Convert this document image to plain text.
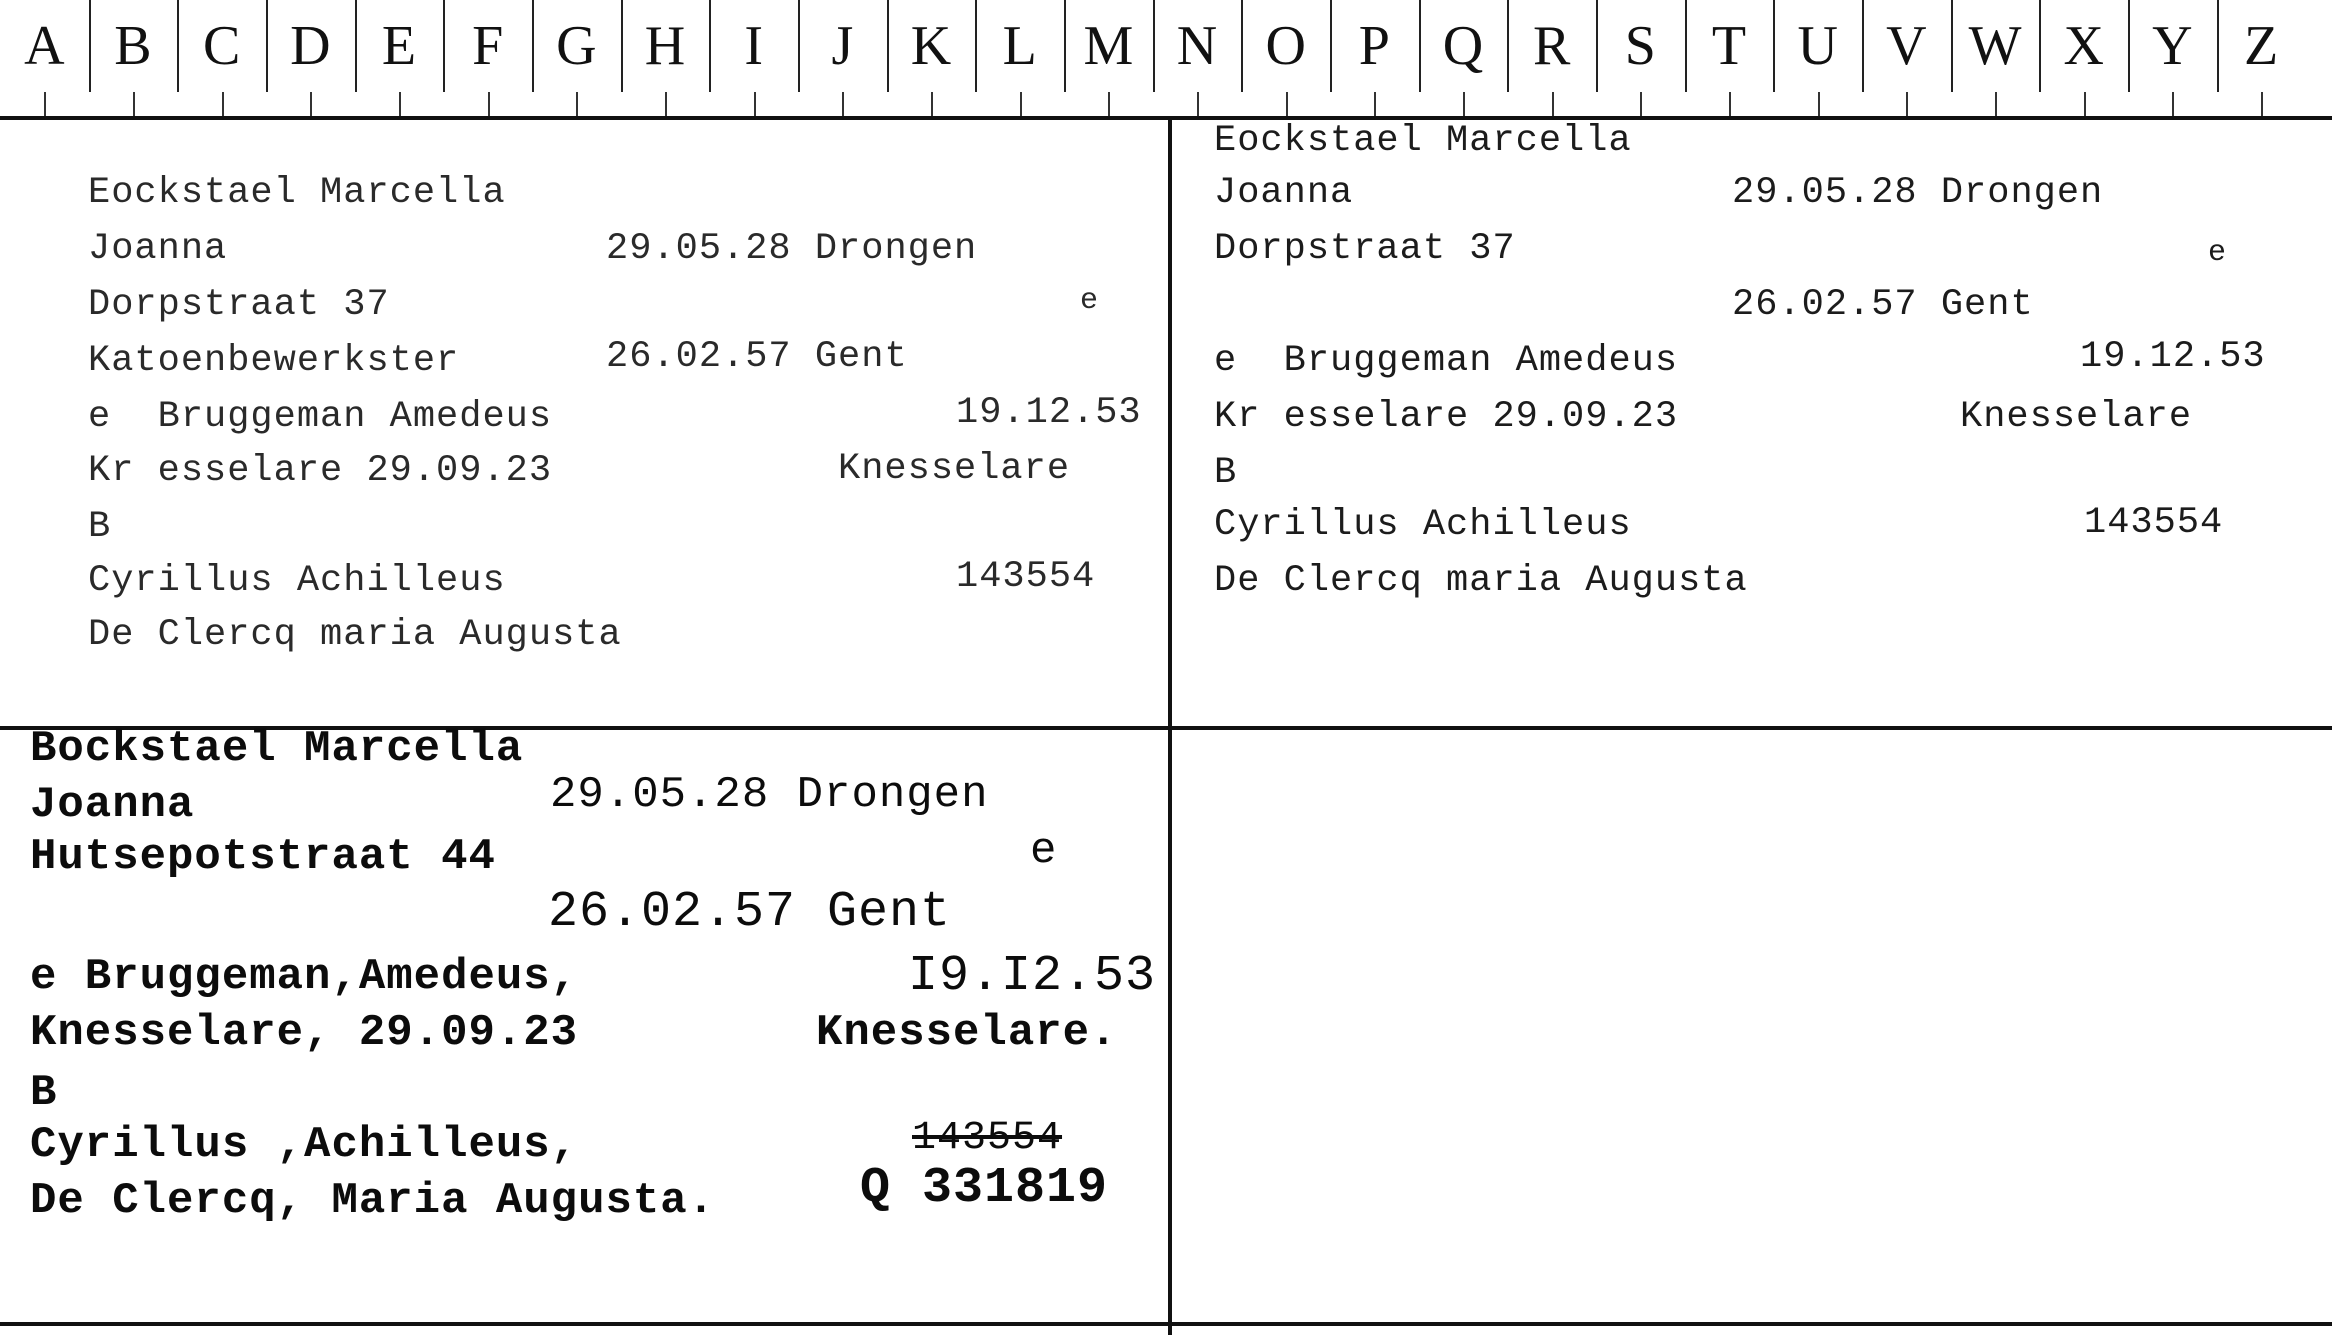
A B C D E F G H	I	J	K L M N O P Q R S T U V W X Y Z
Eockstael Marcella
Joanna	29.05.28 Drongen
Dorpstraat 37	e
Katoenbewerkster	26.02.57 Gent
e  Bruggeman Amedeus	19.12.53
Kr esselare 29.09.23	Knesselare
B
Cyrillus Achilleus	143554
De Clercq maria Augusta
Eockstael Marcella
Joanna	29.05.28 Drongen
Dorpstraat 37	e
26.02.57 Gent
e  Bruggeman Amedeus	19.12.53
Kr esselare 29.09.23	Knesselare
B
Cyrillus Achilleus	143554
De Clercq maria Augusta
Bockstael Marcella
Joanna	29.05.28 Drongen
Hutsepotstraat 44	e
26.02.57 Gent
e Bruggeman,Amedeus,	I9.I2.53
Knesselare, 29.09.23	Knesselare.
B
Cyrillus ,Achilleus,	143554
De Clercq, Maria Augusta.	Q 331819
